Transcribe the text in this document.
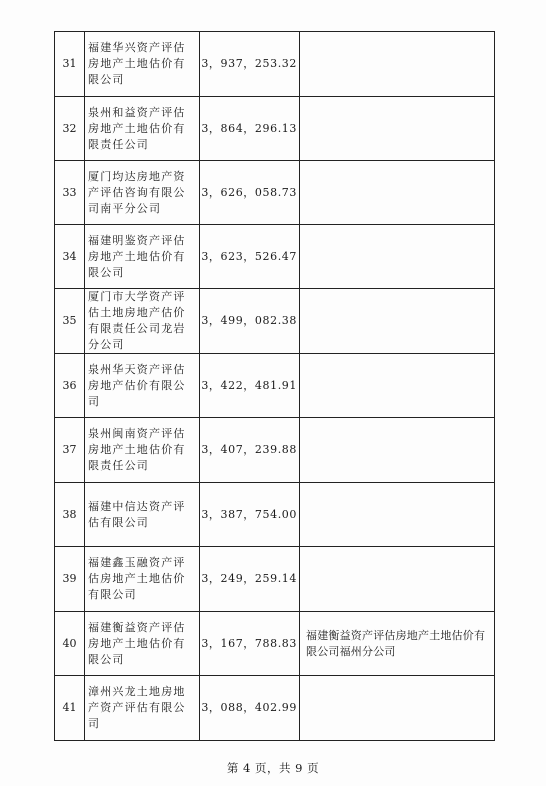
31	福建华兴资产评估房地产土地估价有限公司	3，937，253.32	
32	泉州和益资产评估房地产土地估价有限责任公司	3，864，296.13	
33	厦门均达房地产资产评估咨询有限公司南平分公司	3，626，058.73	
34	福建明鉴资产评估房地产土地估价有限公司	3，623，526.47	
35	厦门市大学资产评估土地房地产估价有限责任公司龙岩分公司	3，499，082.38	
36	泉州华天资产评估房地产估价有限公司	3，422，481.91	
37	泉州闽南资产评估房地产土地估价有限责任公司	3，407，239.88	
38	福建中信达资产评估有限公司	3，387，754.00	
39	福建鑫玉融资产评估房地产土地估价有限公司	3，249，259.14	
40	福建衡益资产评估房地产土地估价有限公司	3，167，788.83	福建衡益资产评估房地产土地估价有限公司福州分公司
41	漳州兴龙土地房地产资产评估有限公司	3，088，402.99	
第 4 页，共 9 页
